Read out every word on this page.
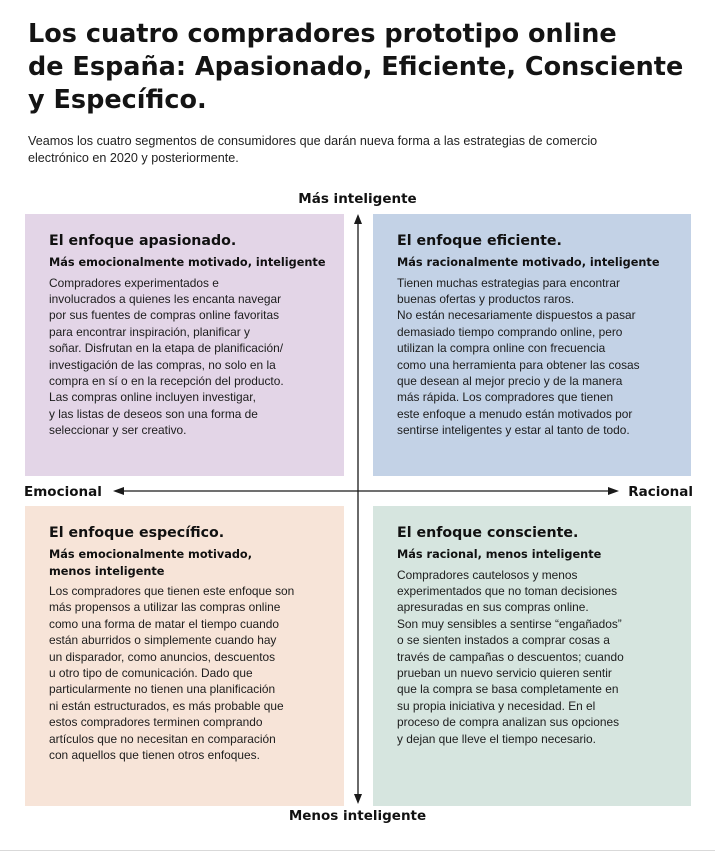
Los cuatro compradores prototipo online
de España: Apasionado, Eficiente, Consciente
y Específico.

Veamos los cuatro segmentos de consumidores que darán nueva forma a las estrategias de comercio
electrónico en 2020 y posteriormente.

El enfoque apasionado.
Más emocionalmente motivado, inteligente

Compradores experimentados e
involucrados a quienes les encanta navegar
por sus fuentes de compras online favoritas
para encontrar inspiración, planificar y
soñar. Disfrutan en la etapa de planificación/
investigación de las compras, no solo en la
compra en sí o en la recepción del producto.
Las compras online incluyen investigar,
y las listas de deseos son una forma de
seleccionar y ser creativo.

El enfoque eficiente.
Más racionalmente motivado, inteligente

Tienen muchas estrategias para encontrar
buenas ofertas y productos raros.
No están necesariamente dispuestos a pasar
demasiado tiempo comprando online, pero
utilizan la compra online con frecuencia
como una herramienta para obtener las cosas
que desean al mejor precio y de la manera
más rápida. Los compradores que tienen
este enfoque a menudo están motivados por
sentirse inteligentes y estar al tanto de todo.

El enfoque específico.
Más emocionalmente motivado,
menos inteligente

Los compradores que tienen este enfoque son
más propensos a utilizar las compras online
como una forma de matar el tiempo cuando
están aburridos o simplemente cuando hay
un disparador, como anuncios, descuentos
u otro tipo de comunicación. Dado que
particularmente no tienen una planificación
ni están estructurados, es más probable que
estos compradores terminen comprando
artículos que no necesitan en comparación
con aquellos que tienen otros enfoques.

El enfoque consciente.
Más racional, menos inteligente

Compradores cautelosos y menos
experimentados que no toman decisiones
apresuradas en sus compras online.
Son muy sensibles a sentirse “engañados”
o se sienten instados a comprar cosas a
través de campañas o descuentos; cuando
prueban un nuevo servicio quieren sentir
que la compra se basa completamente en
su propia iniciativa y necesidad. En el
proceso de compra analizan sus opciones
y dejan que lleve el tiempo necesario.

Más inteligente
Menos inteligente
Emocional	Racional
